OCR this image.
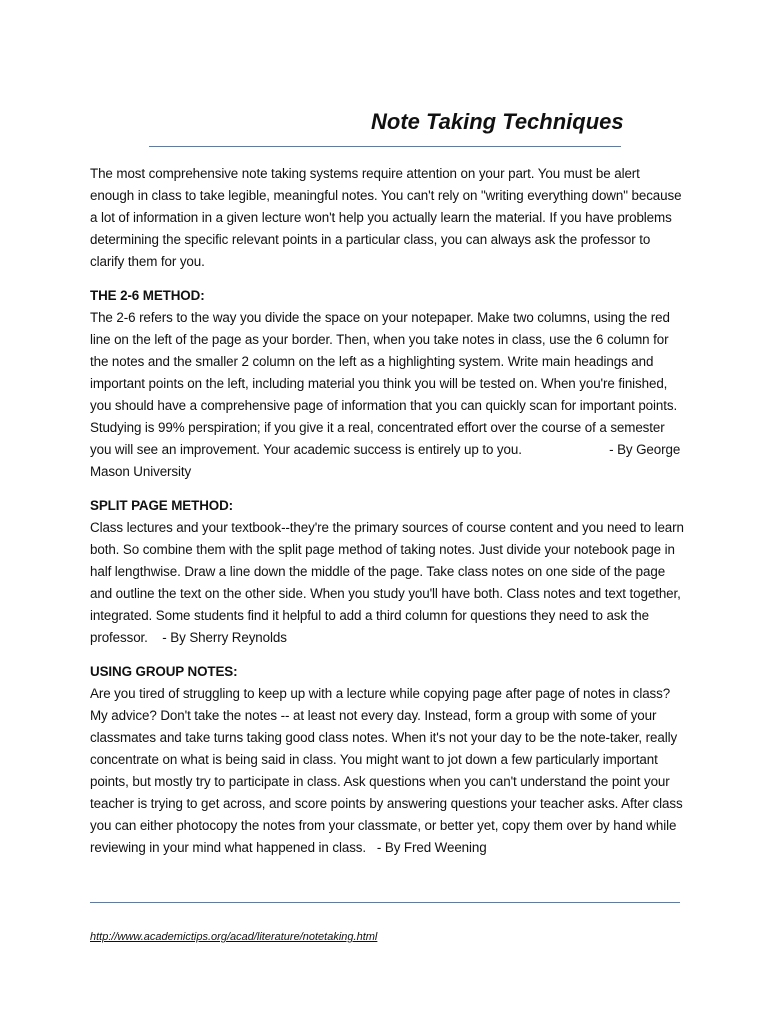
Note Taking Techniques

The most comprehensive note taking systems require attention on your part. You must be alert enough in class to take legible, meaningful notes. You can't rely on "writing everything down" because a lot of information in a given lecture won't help you actually learn the material. If you have problems determining the specific relevant points in a particular class, you can always ask the professor to clarify them for you.

THE 2-6 METHOD:
The 2-6 refers to the way you divide the space on your notepaper. Make two columns, using the red line on the left of the page as your border. Then, when you take notes in class, use the 6 column for the notes and the smaller 2 column on the left as a highlighting system. Write main headings and important points on the left, including material you think you will be tested on. When you're finished, you should have a comprehensive page of information that you can quickly scan for important points. Studying is 99% perspiration; if you give it a real, concentrated effort over the course of a semester you will see an improvement. Your academic success is entirely up to you.	- By George Mason University
SPLIT PAGE METHOD:
Class lectures and your textbook--they're the primary sources of course content and you need to learn both. So combine them with the split page method of taking notes. Just divide your notebook page in half lengthwise. Draw a line down the middle of the page. Take class notes on one side of the page and outline the text on the other side. When you study you'll have both. Class notes and text together, integrated. Some students find it helpful to add a third column for questions they need to ask the professor. - By Sherry Reynolds
USING GROUP NOTES:
Are you tired of struggling to keep up with a lecture while copying page after page of notes in class? My advice? Don't take the notes -- at least not every day. Instead, form a group with some of your classmates and take turns taking good class notes. When it's not your day to be the note-taker, really concentrate on what is being said in class. You might want to jot down a few particularly important points, but mostly try to participate in class. Ask questions when you can't understand the point your teacher is trying to get across, and score points by answering questions your teacher asks. After class you can either photocopy the notes from your classmate, or better yet, copy them over by hand while reviewing in your mind what happened in class. - By Fred Weening
http://www.academictips.org/acad/literature/notetaking.html
